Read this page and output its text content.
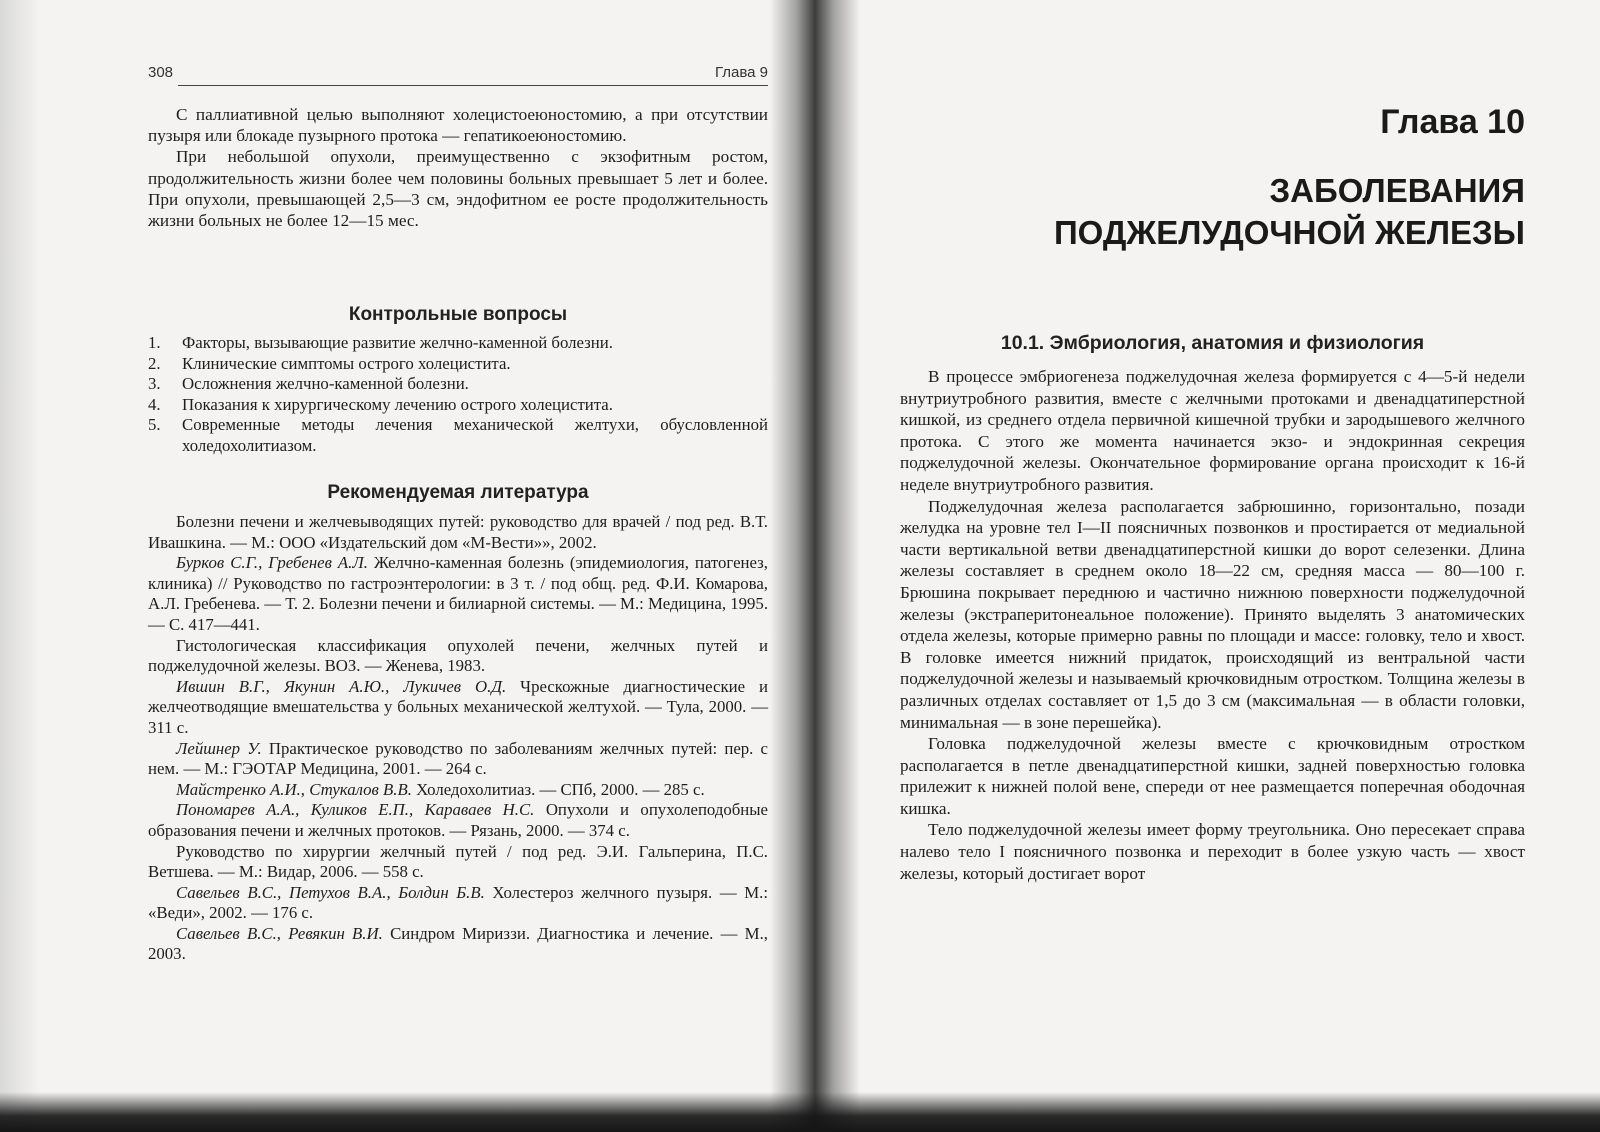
308	Глава 9

С паллиативной целью выполняют холецистоеюностомию, а при отсутствии пузыря или блокаде пузырного протока — гепатикоеюностомию.

При небольшой опухоли, преимущественно с экзофитным ростом, продолжительность жизни более чем половины больных превышает 5 лет и более. При опухоли, превышающей 2,5—3 см, эндофитном ее росте продолжительность жизни больных не более 12—15 мес.

Контрольные вопросы
1. Факторы, вызывающие развитие желчно-каменной болезни.
2. Клинические симптомы острого холецистита.
3. Осложнения желчно-каменной болезни.
4. Показания к хирургическому лечению острого холецистита.
5. Современные методы лечения механической желтухи, обусловленной холедохолитиазом.
Рекомендуемая литература

Болезни печени и желчевыводящих путей: руководство для врачей / под ред. В.Т. Ивашкина. — М.: ООО «Издательский дом «М-Вести»», 2002.

Бурков С.Г., Гребенев А.Л. Желчно-каменная болезнь (эпидемиология, патогенез, клиника) // Руководство по гастроэнтерологии: в 3 т. / под общ. ред. Ф.И. Комарова, А.Л. Гребенева. — Т. 2. Болезни печени и билиарной системы. — М.: Медицина, 1995. — С. 417—441.

Гистологическая классификация опухолей печени, желчных путей и поджелудочной железы. ВОЗ. — Женева, 1983.

Ившин В.Г., Якунин А.Ю., Лукичев О.Д. Чрескожные диагностические и желчеотводящие вмешательства у больных механической желтухой. — Тула, 2000. — 311 с.

Лейшнер У. Практическое руководство по заболеваниям желчных путей: пер. с нем. — М.: ГЭОТАР Медицина, 2001. — 264 с.

Майстренко А.И., Стукалов В.В. Холедохолитиаз. — СПб, 2000. — 285 с.

Пономарев А.А., Куликов Е.П., Караваев Н.С. Опухоли и опухолеподобные образования печени и желчных протоков. — Рязань, 2000. — 374 с.

Руководство по хирургии желчный путей / под ред. Э.И. Гальперина, П.С. Ветшева. — М.: Видар, 2006. — 558 с.

Савельев В.С., Петухов В.А., Болдин Б.В. Холестероз желчного пузыря. — М.: «Веди», 2002. — 176 с.

Савельев В.С., Ревякин В.И. Синдром Мириззи. Диагностика и лечение. — М., 2003.

Глава 10
ЗАБОЛЕВАНИЯ
ПОДЖЕЛУДОЧНОЙ ЖЕЛЕЗЫ
10.1. Эмбриология, анатомия и физиология

В процессе эмбриогенеза поджелудочная железа формируется с 4—5-й недели внутриутробного развития, вместе с желчными протоками и двенадцатиперстной кишкой, из среднего отдела первичной кишечной трубки и зародышевого желчного протока. С этого же момента начинается экзо- и эндокринная секреция поджелудочной железы. Окончательное формирование органа происходит к 16-й неделе внутриутробного развития.

Поджелудочная железа располагается забрюшинно, горизонтально, позади желудка на уровне тел I—II поясничных позвонков и простирается от медиальной части вертикальной ветви двенадцатиперстной кишки до ворот селезенки. Длина железы составляет в среднем около 18—22 см, средняя масса — 80—100 г. Брюшина покрывает переднюю и частично нижнюю поверхности поджелудочной железы (экстраперитонеальное положение). Принято выделять 3 анатомических отдела железы, которые примерно равны по площади и массе: головку, тело и хвост. В головке имеется нижний придаток, происходящий из вентральной части поджелудочной железы и называемый крючковидным отростком. Толщина железы в различных отделах составляет от 1,5 до 3 см (максимальная — в области головки, минимальная — в зоне перешейка).

Головка поджелудочной железы вместе с крючковидным отростком располагается в петле двенадцатиперстной кишки, задней поверхностью головка прилежит к нижней полой вене, спереди от нее размещается поперечная ободочная кишка.

Тело поджелудочной железы имеет форму треугольника. Оно пересекает справа налево тело I поясничного позвонка и переходит в более узкую часть — хвост железы, который достигает ворот
